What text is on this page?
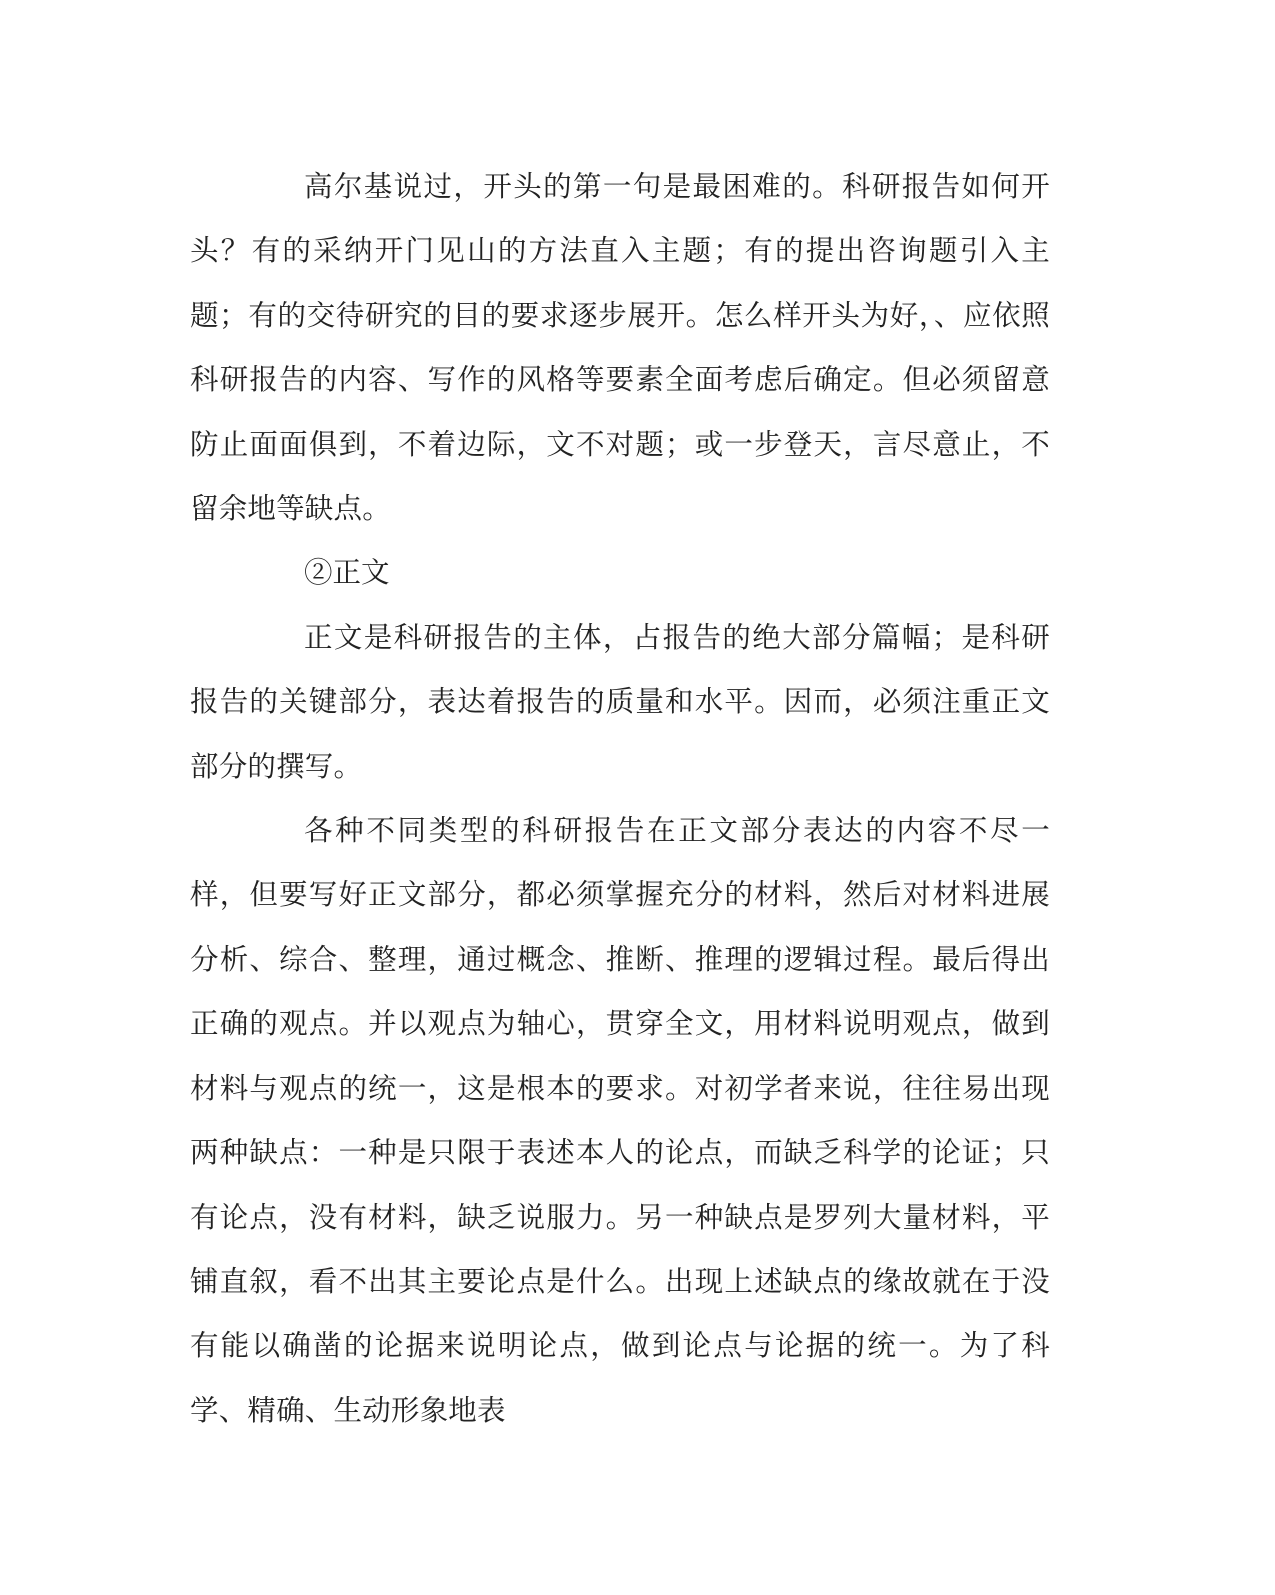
高尔基说过，开头的第一句是最困难的。科研报告如何开头？有的采纳开门见山的方法直入主题；有的提出咨询题引入主题；有的交待研究的目的要求逐步展开。怎么样开头为好，、应依照科研报告的内容、写作的风格等要素全面考虑后确定。但必须留意防止面面俱到，不着边际，文不对题；或一步登天，言尽意止，不留余地等缺点。

②正文

正文是科研报告的主体，占报告的绝大部分篇幅；是科研报告的关键部分，表达着报告的质量和水平。因而，必须注重正文部分的撰写。

各种不同类型的科研报告在正文部分表达的内容不尽一样，但要写好正文部分，都必须掌握充分的材料，然后对材料进展分析、综合、整理，通过概念、推断、推理的逻辑过程。最后得出正确的观点。并以观点为轴心，贯穿全文，用材料说明观点，做到材料与观点的统一，这是根本的要求。对初学者来说，往往易出现两种缺点：一种是只限于表述本人的论点，而缺乏科学的论证；只有论点，没有材料，缺乏说服力。另一种缺点是罗列大量材料，平铺直叙，看不出其主要论点是什么。出现上述缺点的缘故就在于没有能以确凿的论据来说明论点，做到论点与论据的统一。为了科学、精确、生动形象地表
